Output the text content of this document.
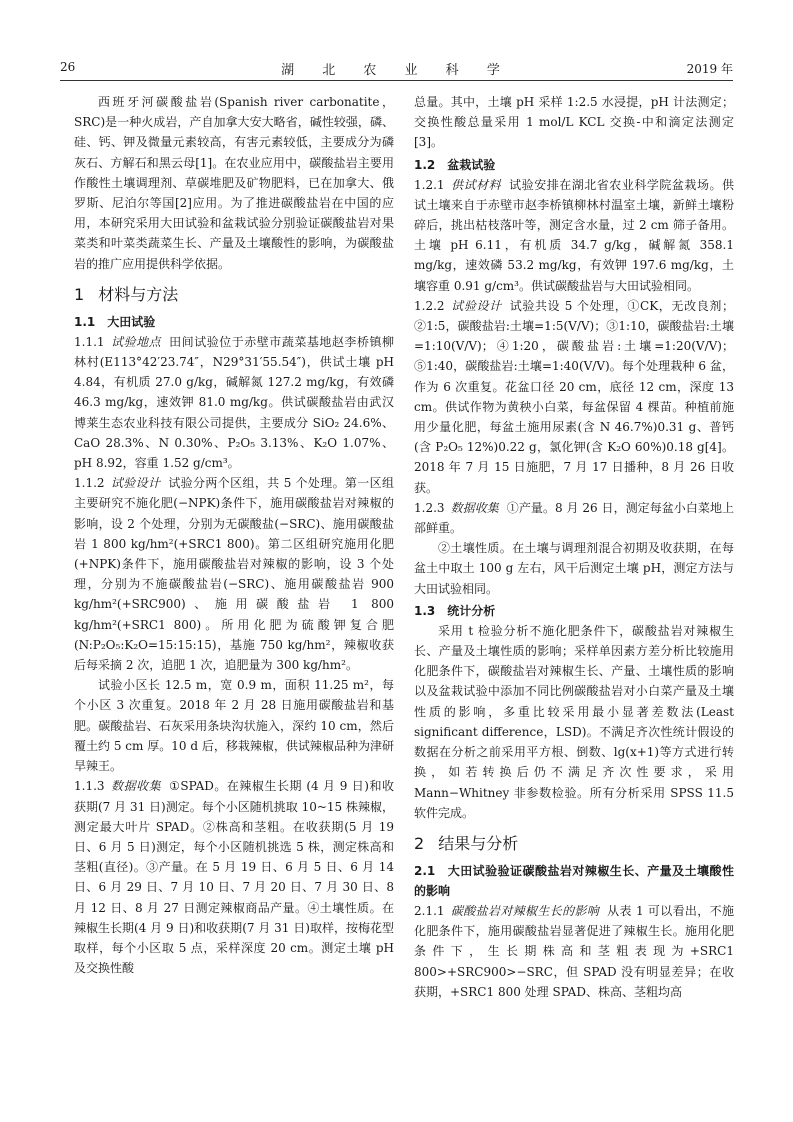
26	湖 北 农 业 科 学	2019 年

西班牙河碳酸盐岩(Spanish river carbonatite，SRC)是一种火成岩，产自加拿大安大略省，碱性较强，磷、硅、钙、钾及微量元素较高，有害元素较低，主要成分为磷灰石、方解石和黑云母[1]。在农业应用中，碳酸盐岩主要用作酸性土壤调理剂、草碳堆肥及矿物肥料，已在加拿大、俄罗斯、尼泊尔等国[2]应用。为了推进碳酸盐岩在中国的应用，本研究采用大田试验和盆栽试验分别验证碳酸盐岩对果菜类和叶菜类蔬菜生长、产量及土壤酸性的影响，为碳酸盐岩的推广应用提供科学依据。

1 材料与方法
1.1 大田试验

1.1.1 试验地点 田间试验位于赤壁市蔬菜基地赵李桥镇柳林村(E113°42′23.74″，N29°31′55.54″)，供试土壤 pH 4.84，有机质 27.0 g/kg，碱解氮 127.2 mg/kg，有效磷 46.3 mg/kg，速效钾 81.0 mg/kg。供试碳酸盐岩由武汉博莱生态农业科技有限公司提供，主要成分 SiO₂ 24.6%、CaO 28.3%、N 0.30%、P₂O₅ 3.13%、K₂O 1.07%、pH 8.92，容重 1.52 g/cm³。

1.1.2 试验设计 试验分两个区组，共 5 个处理。第一区组主要研究不施化肥(−NPK)条件下，施用碳酸盐岩对辣椒的影响，设 2 个处理，分别为无碳酸盐(−SRC)、施用碳酸盐岩 1 800 kg/hm²(+SRC1 800)。第二区组研究施用化肥(+NPK)条件下，施用碳酸盐岩对辣椒的影响，设 3 个处理，分别为不施碳酸盐岩(−SRC)、施用碳酸盐岩 900 kg/hm²(+SRC900)、施用碳酸盐岩 1 800 kg/hm²(+SRC1 800)。所用化肥为硫酸钾复合肥(N:P₂O₅:K₂O=15:15:15)，基施 750 kg/hm²，辣椒收获后每采摘 2 次，追肥 1 次，追肥量为 300 kg/hm²。

试验小区长 12.5 m，宽 0.9 m，面积 11.25 m²，每个小区 3 次重复。2018 年 2 月 28 日施用碳酸盐岩和基肥。碳酸盐岩、石灰采用条块沟状施入，深约 10 cm，然后覆土约 5 cm 厚。10 d 后，移栽辣椒，供试辣椒品种为津研旱辣王。

1.1.3 数据收集 ①SPAD。在辣椒生长期 (4 月 9 日)和收获期(7 月 31 日)测定。每个小区随机挑取 10~15 株辣椒，测定最大叶片 SPAD。②株高和茎粗。在收获期(5 月 19 日、6 月 5 日)测定，每个小区随机挑选 5 株，测定株高和茎粗(直径)。③产量。在 5 月 19 日、6 月 5 日、6 月 14 日、6 月 29 日、7 月 10 日、7 月 20 日、7 月 30 日、8 月 12 日、8 月 27 日测定辣椒商品产量。④土壤性质。在辣椒生长期(4 月 9 日)和收获期(7 月 31 日)取样，按梅花型取样，每个小区取 5 点，采样深度 20 cm。测定土壤 pH 及交换性酸

总量。其中，土壤 pH 采样 1:2.5 水浸提，pH 计法测定；交换性酸总量采用 1 mol/L KCL 交换-中和滴定法测定[3]。

1.2 盆栽试验

1.2.1 供试材料 试验安排在湖北省农业科学院盆栽场。供试土壤来自于赤壁市赵李桥镇柳林村温室土壤，新鲜土壤粉碎后，挑出枯枝落叶等，测定含水量，过 2 cm 筛子备用。土壤 pH 6.11，有机质 34.7 g/kg，碱解氮 358.1 mg/kg，速效磷 53.2 mg/kg，有效钾 197.6 mg/kg，土壤容重 0.91 g/cm³。供试碳酸盐岩与大田试验相同。

1.2.2 试验设计 试验共设 5 个处理，①CK，无改良剂；②1:5，碳酸盐岩:土壤=1:5(V/V)；③1:10，碳酸盐岩:土壤=1:10(V/V)；④1:20，碳酸盐岩:土壤=1:20(V/V)；⑤1:40，碳酸盐岩:土壤=1:40(V/V)。每个处理栽种 6 盆，作为 6 次重复。花盆口径 20 cm，底径 12 cm，深度 13 cm。供试作物为黄秧小白菜，每盆保留 4 棵苗。种植前施用少量化肥，每盆土施用尿素(含 N 46.7%)0.31 g、普钙(含 P₂O₅ 12%)0.22 g，氯化钾(含 K₂O 60%)0.18 g[4]。2018 年 7 月 15 日施肥，7 月 17 日播种，8 月 26 日收获。

1.2.3 数据收集 ①产量。8 月 26 日，测定每盆小白菜地上部鲜重。

②土壤性质。在土壤与调理剂混合初期及收获期，在每盆土中取土 100 g 左右，风干后测定土壤 pH，测定方法与大田试验相同。

1.3 统计分析

采用 t 检验分析不施化肥条件下，碳酸盐岩对辣椒生长、产量及土壤性质的影响；采样单因素方差分析比较施用化肥条件下，碳酸盐岩对辣椒生长、产量、土壤性质的影响以及盆栽试验中添加不同比例碳酸盐岩对小白菜产量及土壤性质的影响，多重比较采用最小显著差数法(Least significant difference，LSD)。不满足齐次性统计假设的数据在分析之前采用平方根、倒数、lg(x+1)等方式进行转换，如若转换后仍不满足齐次性要求，采用 Mann−Whitney 非参数检验。所有分析采用 SPSS 11.5 软件完成。

2 结果与分析
2.1 大田试验验证碳酸盐岩对辣椒生长、产量及土壤酸性的影响

2.1.1 碳酸盐岩对辣椒生长的影响 从表 1 可以看出，不施化肥条件下，施用碳酸盐岩显著促进了辣椒生长。施用化肥条件下，生长期株高和茎粗表现为+SRC1 800>+SRC900>−SRC，但 SPAD 没有明显差异；在收获期，+SRC1 800 处理 SPAD、株高、茎粗均高
